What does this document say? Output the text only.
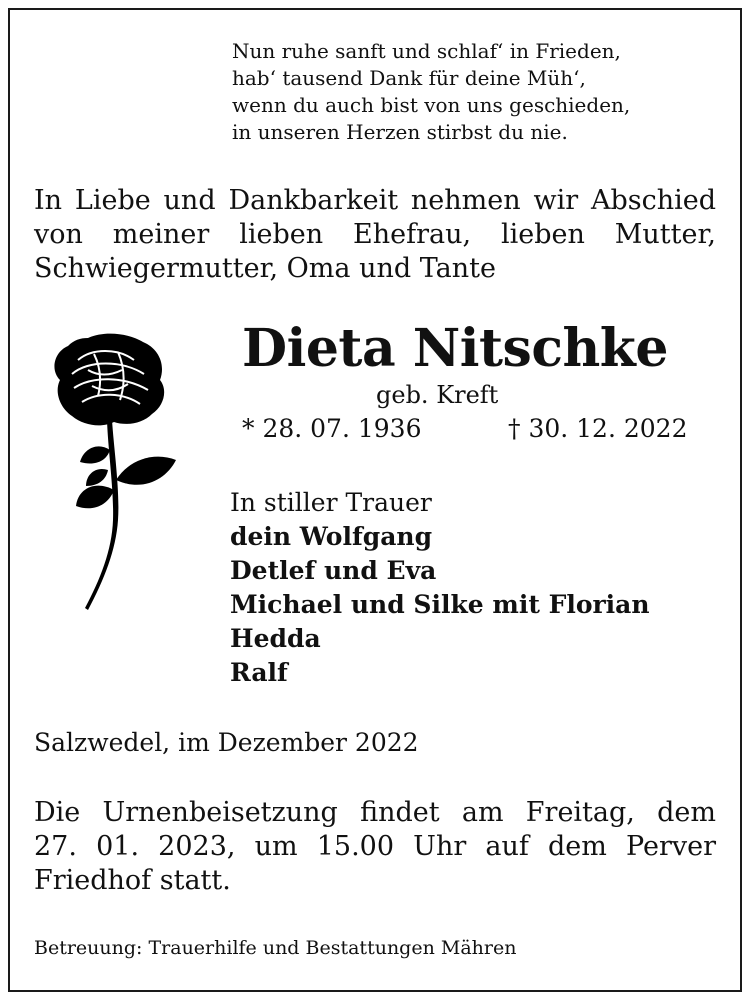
Nun ruhe sanft und schlaf‘ in Frieden,
hab‘ tausend Dank für deine Müh‘,
wenn du auch bist von uns geschieden,
in unseren Herzen stirbst du nie.
In Liebe und Dankbarkeit nehmen wir Abschied
von meiner lieben Ehefrau, lieben Mutter,
Schwiegermutter, Oma und Tante
Dieta Nitschke
geb. Kreft
* 28. 07. 1936	† 30. 12. 2022
In stiller Trauer
dein Wolfgang
Detlef und Eva
Michael und Silke mit Florian
Hedda
Ralf
Salzwedel, im Dezember 2022
Die Urnenbeisetzung findet am Freitag, dem
27. 01. 2023, um 15.00 Uhr auf dem Perver
Friedhof statt.
Betreuung: Trauerhilfe und Bestattungen Mähren
